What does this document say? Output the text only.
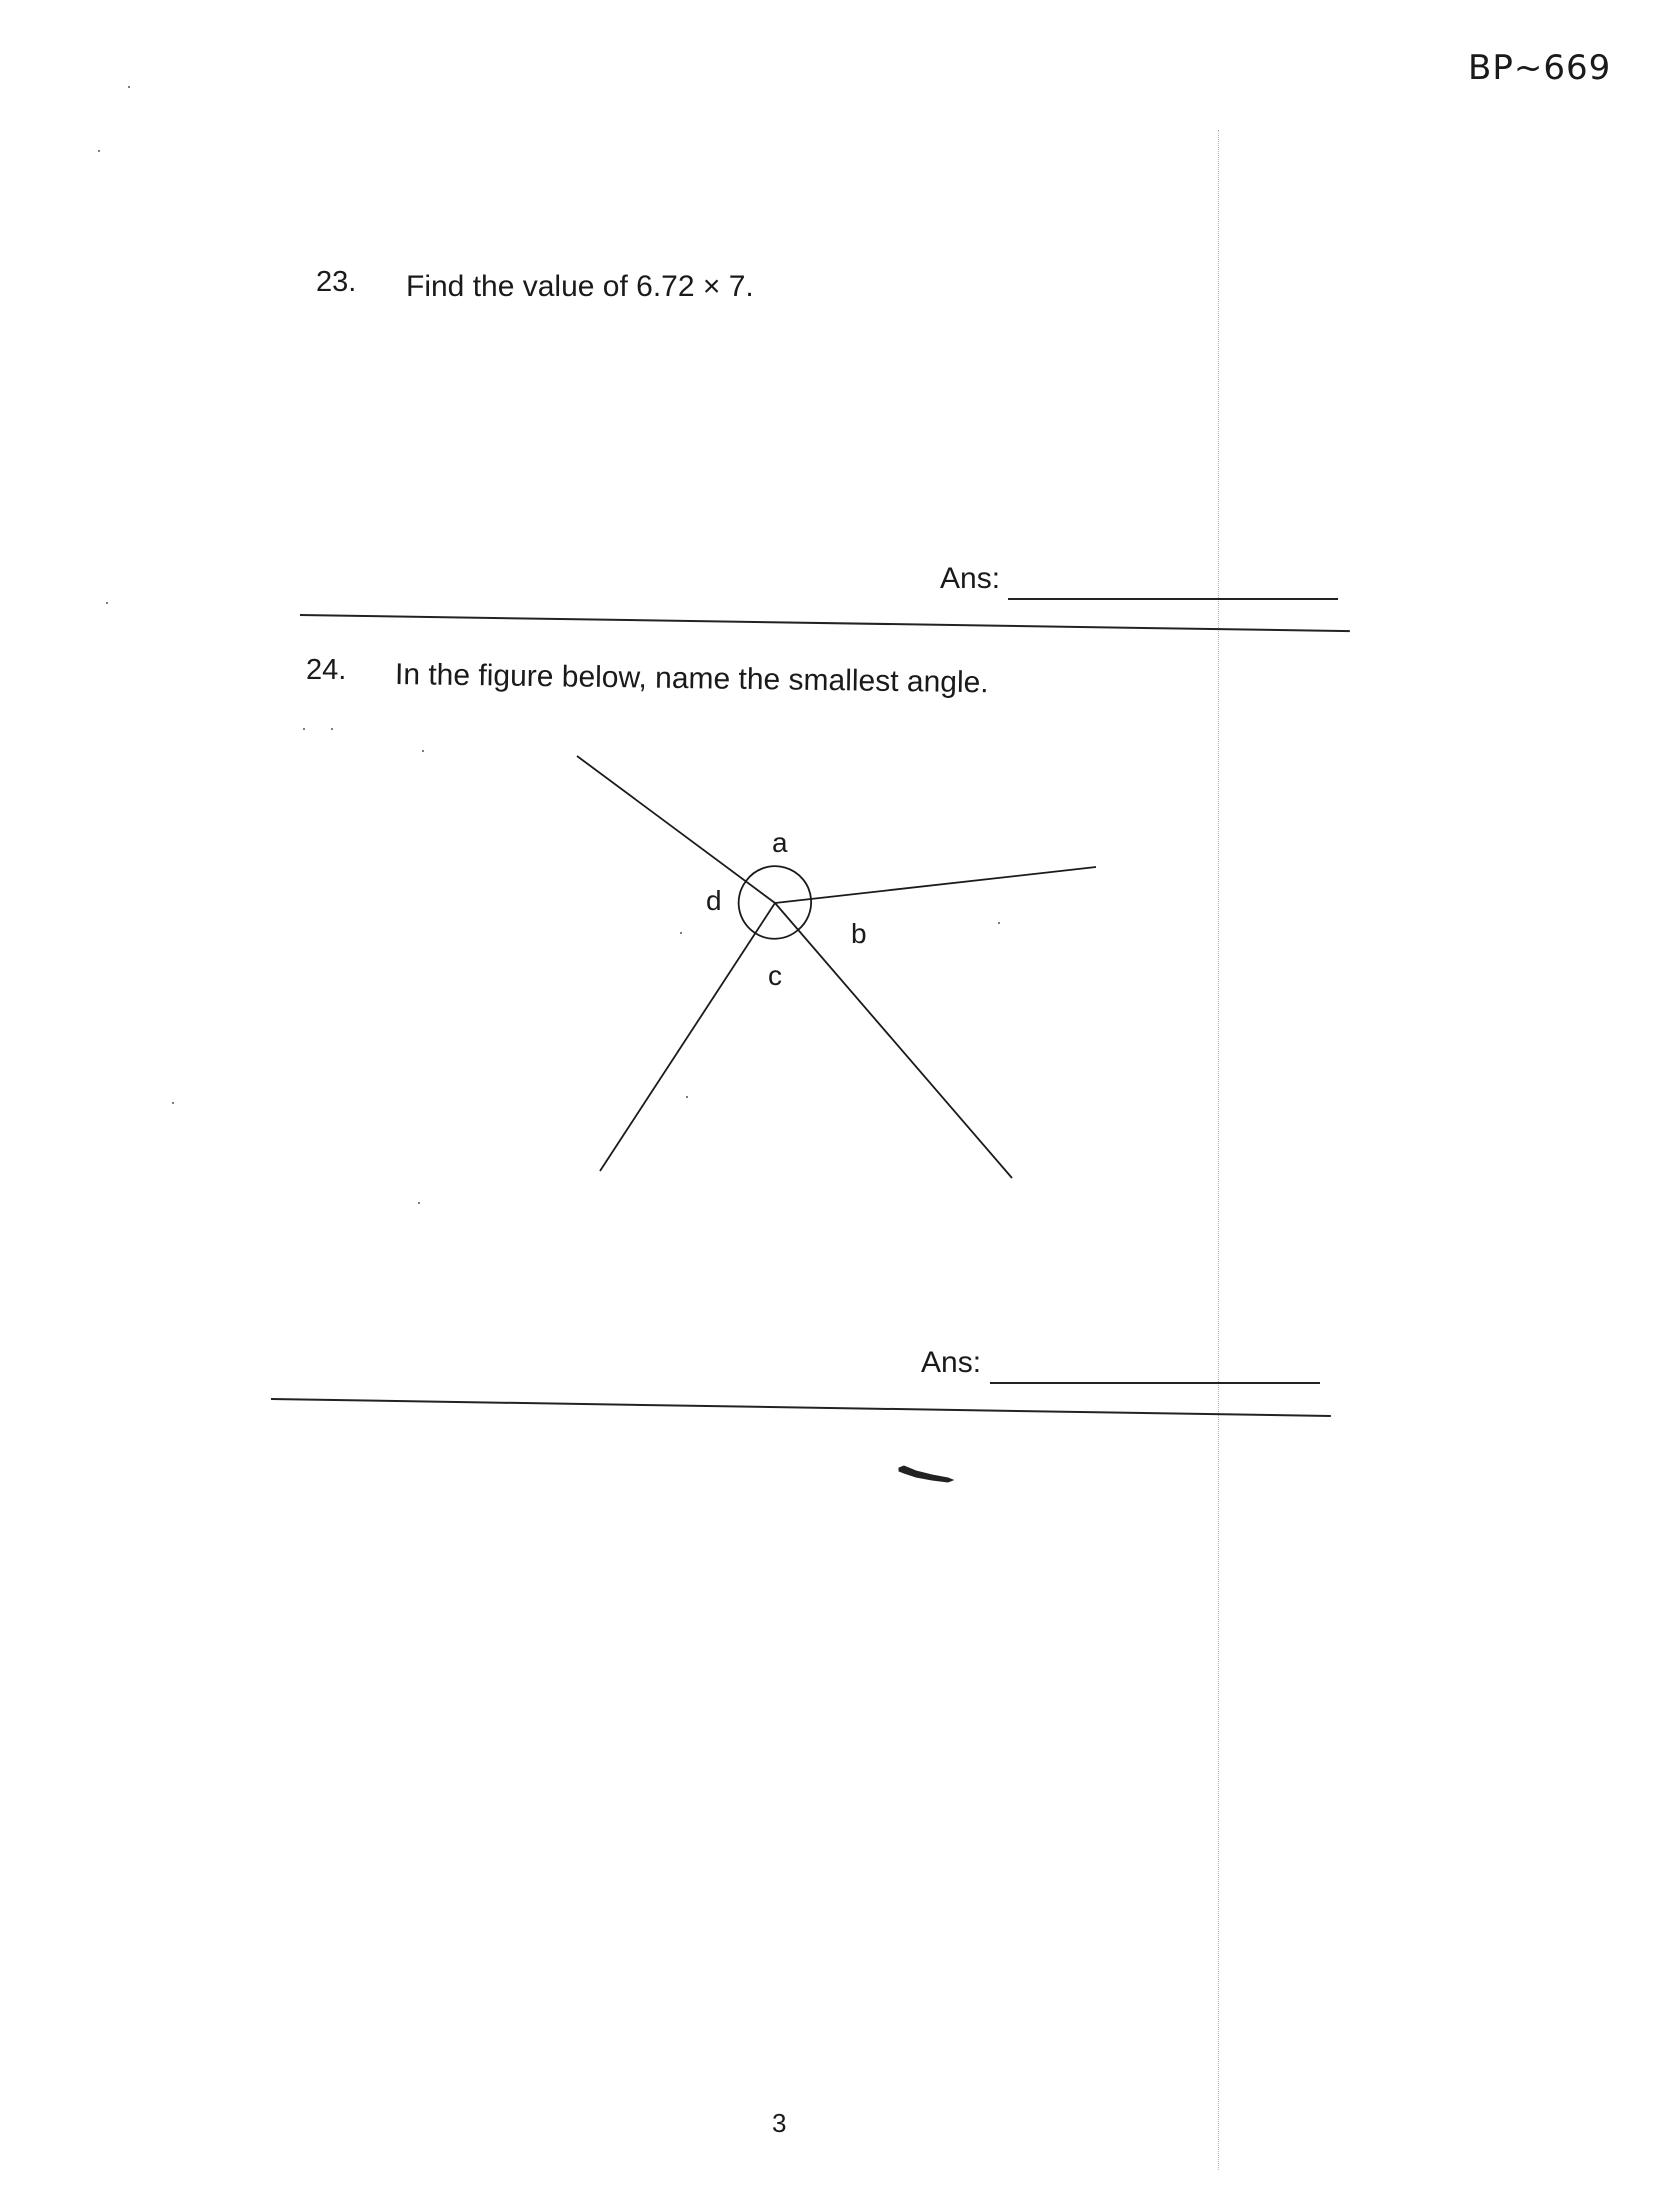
BP~669
23. Find the value of 6.72 × 7.
Ans:
24. In the figure below, name the smallest angle.
a
b
c
d
Ans:
3
